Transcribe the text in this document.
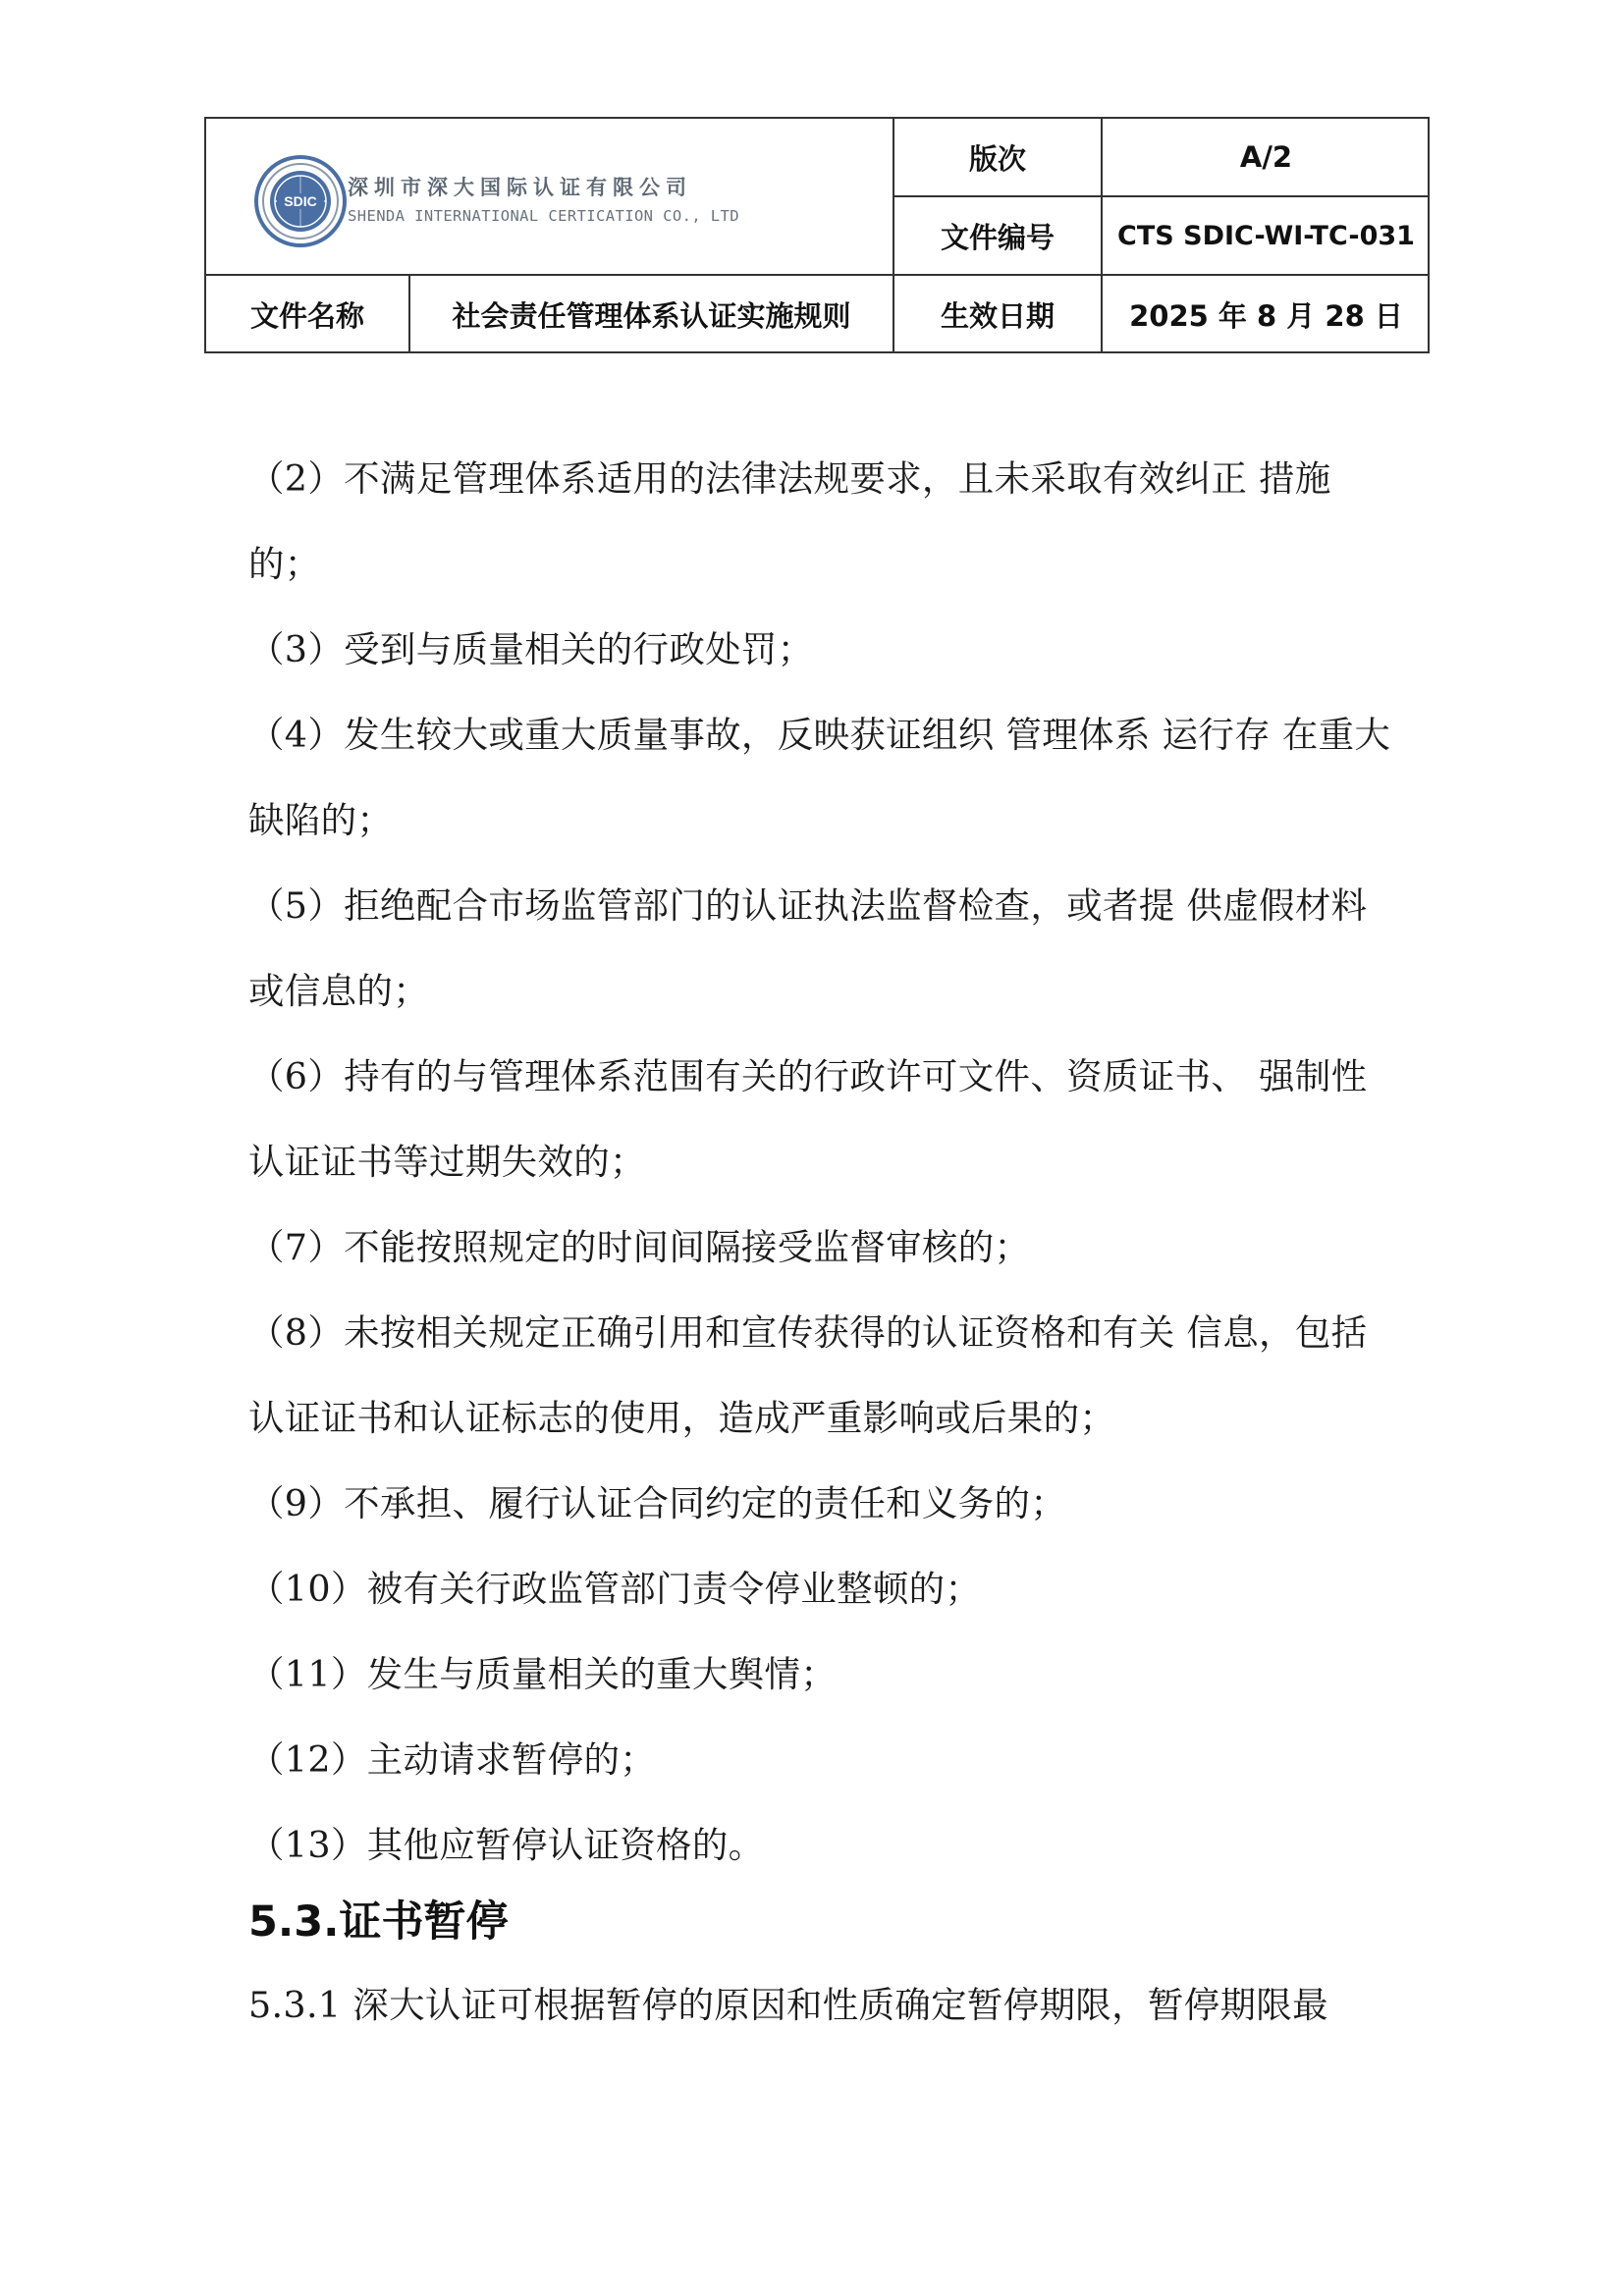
SDIC
深圳市深大国际认证有限公司
SHENDA INTERNATIONAL CERTICATION CO., LTD
版次	A/2
文件编号	CTS SDIC-WI-TC-031
文件名称	社会责任管理体系认证实施规则	生效日期	2025 年 8 月 28 日

（2）不满足管理体系适用的法律法规要求，且未采取有效纠正 措施的；

（3）受到与质量相关的行政处罚；

（4）发生较大或重大质量事故，反映获证组织 管理体系 运行存 在重大缺陷的；

（5）拒绝配合市场监管部门的认证执法监督检查，或者提 供虚假材料或信息的；

（6）持有的与管理体系范围有关的行政许可文件、资质证书、 强制性认证证书等过期失效的；

（7）不能按照规定的时间间隔接受监督审核的；

（8）未按相关规定正确引用和宣传获得的认证资格和有关 信息，包括认证证书和认证标志的使用，造成严重影响或后果的；

（9）不承担、履行认证合同约定的责任和义务的；

（10）被有关行政监管部门责令停业整顿的；

（11）发生与质量相关的重大舆情；

（12）主动请求暂停的；

（13）其他应暂停认证资格的。

5.3.证书暂停

5.3.1 深大认证可根据暂停的原因和性质确定暂停期限，暂停期限最
